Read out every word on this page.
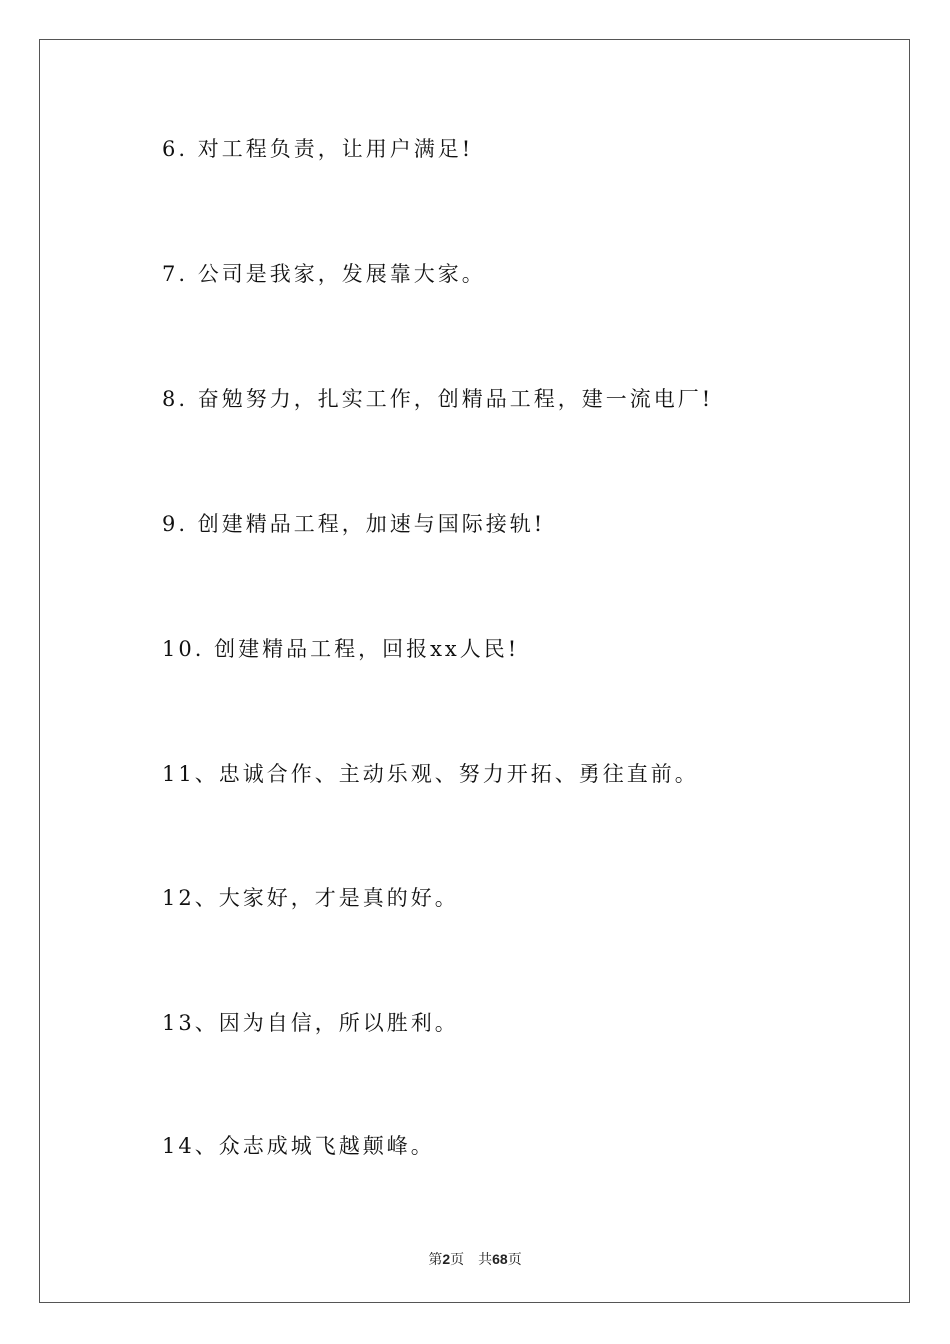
6. 对工程负责，让用户满足!
7. 公司是我家，发展靠大家。
8. 奋勉努力，扎实工作，创精品工程，建一流电厂!
9. 创建精品工程，加速与国际接轨!
10. 创建精品工程，回报xx人民!
11、忠诚合作、主动乐观、努力开拓、勇往直前。
12、大家好，才是真的好。
13、因为自信，所以胜利。
14、众志成城飞越颠峰。
第2页 共68页
